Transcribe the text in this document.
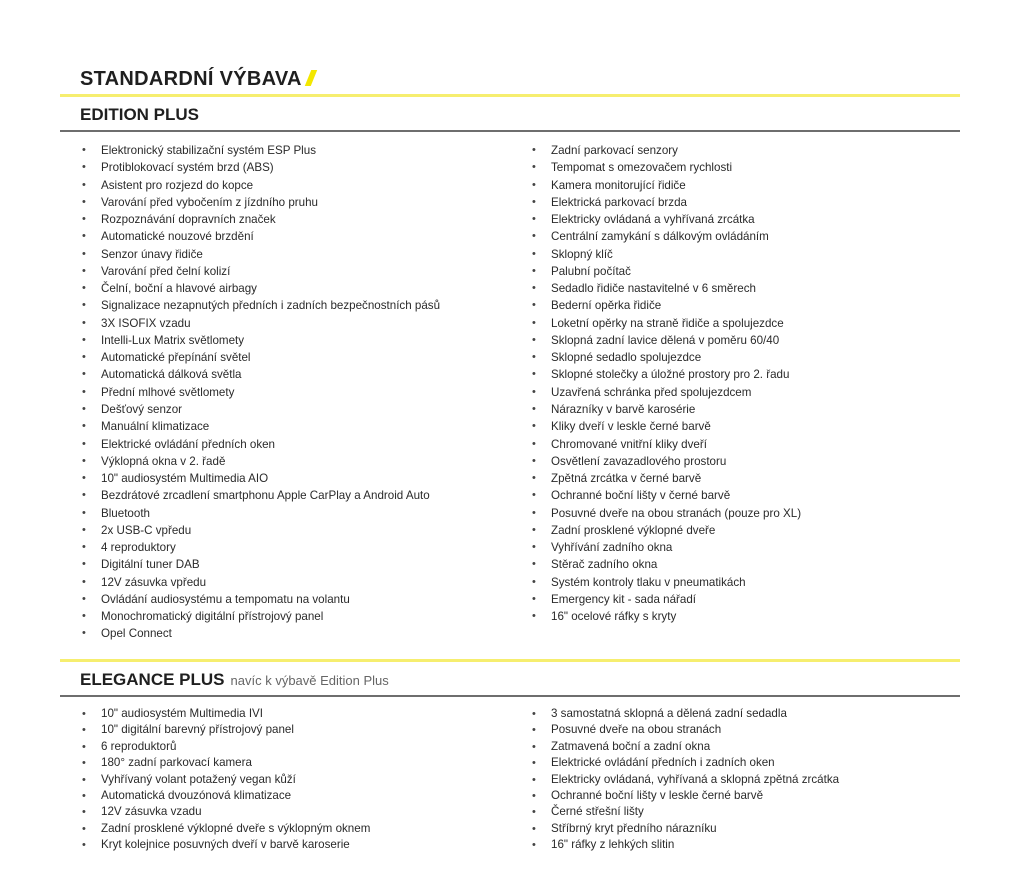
STANDARDNÍ VÝBAVA
EDITION PLUS
• Elektronický stabilizační systém ESP Plus
• Protiblokovací systém brzd (ABS)
• Asistent pro rozjezd do kopce
• Varování před vybočením z jízdního pruhu
• Rozpoznávání dopravních značek
• Automatické nouzové brzdění
• Senzor únavy řidiče
• Varování před čelní kolizí
• Čelní, boční a hlavové airbagy
• Signalizace nezapnutých předních i zadních bezpečnostních pásů
• 3X ISOFIX vzadu
• Intelli-Lux Matrix světlomety
• Automatické přepínání světel
• Automatická dálková světla
• Přední mlhové světlomety
• Dešťový senzor
• Manuální klimatizace
• Elektrické ovládání předních oken
• Výklopná okna v 2. řadě
• 10" audiosystém Multimedia AIO
• Bezdrátové zrcadlení smartphonu Apple CarPlay a Android Auto
• Bluetooth
• 2x USB-C vpředu
• 4 reproduktory
• Digitální tuner DAB
• 12V zásuvka vpředu
• Ovládání audiosystému a tempomatu na volantu
• Monochromatický digitální přístrojový panel
• Opel Connect
• Zadní parkovací senzory
• Tempomat s omezovačem rychlosti
• Kamera monitorující řidiče
• Elektrická parkovací brzda
• Elektricky ovládaná a vyhřívaná zrcátka
• Centrální zamykání s dálkovým ovládáním
• Sklopný klíč
• Palubní počítač
• Sedadlo řidiče nastavitelné v 6 směrech
• Bederní opěrka řidiče
• Loketní opěrky na straně řidiče a spolujezdce
• Sklopná zadní lavice dělená v poměru 60/40
• Sklopné sedadlo spolujezdce
• Sklopné stolečky a úložné prostory pro 2. řadu
• Uzavřená schránka před spolujezdcem
• Nárazníky v barvě karosérie
• Kliky dveří v leskle černé barvě
• Chromované vnitřní kliky dveří
• Osvětlení zavazadlového prostoru
• Zpětná zrcátka v černé barvě
• Ochranné boční lišty v černé barvě
• Posuvné dveře na obou stranách (pouze pro XL)
• Zadní prosklené výklopné dveře
• Vyhřívání zadního okna
• Stěrač zadního okna
• Systém kontroly tlaku v pneumatikách
• Emergency kit - sada nářadí
• 16" ocelové ráfky s kryty
ELEGANCE PLUS navíc k výbavě Edition Plus
• 10" audiosystém Multimedia IVI
• 10" digitální barevný přístrojový panel
• 6 reproduktorů
• 180° zadní parkovací kamera
• Vyhřívaný volant potažený vegan kůží
• Automatická dvouzónová klimatizace
• 12V zásuvka vzadu
• Zadní prosklené výklopné dveře s výklopným oknem
• Kryt kolejnice posuvných dveří v barvě karoserie
• 3 samostatná sklopná a dělená zadní sedadla
• Posuvné dveře na obou stranách
• Zatmavená boční a zadní okna
• Elektrické ovládání předních i zadních oken
• Elektricky ovládaná, vyhřívaná a sklopná zpětná zrcátka
• Ochranné boční lišty v leskle černé barvě
• Černé střešní lišty
• Stříbrný kryt předního nárazníku
• 16" ráfky z lehkých slitin
